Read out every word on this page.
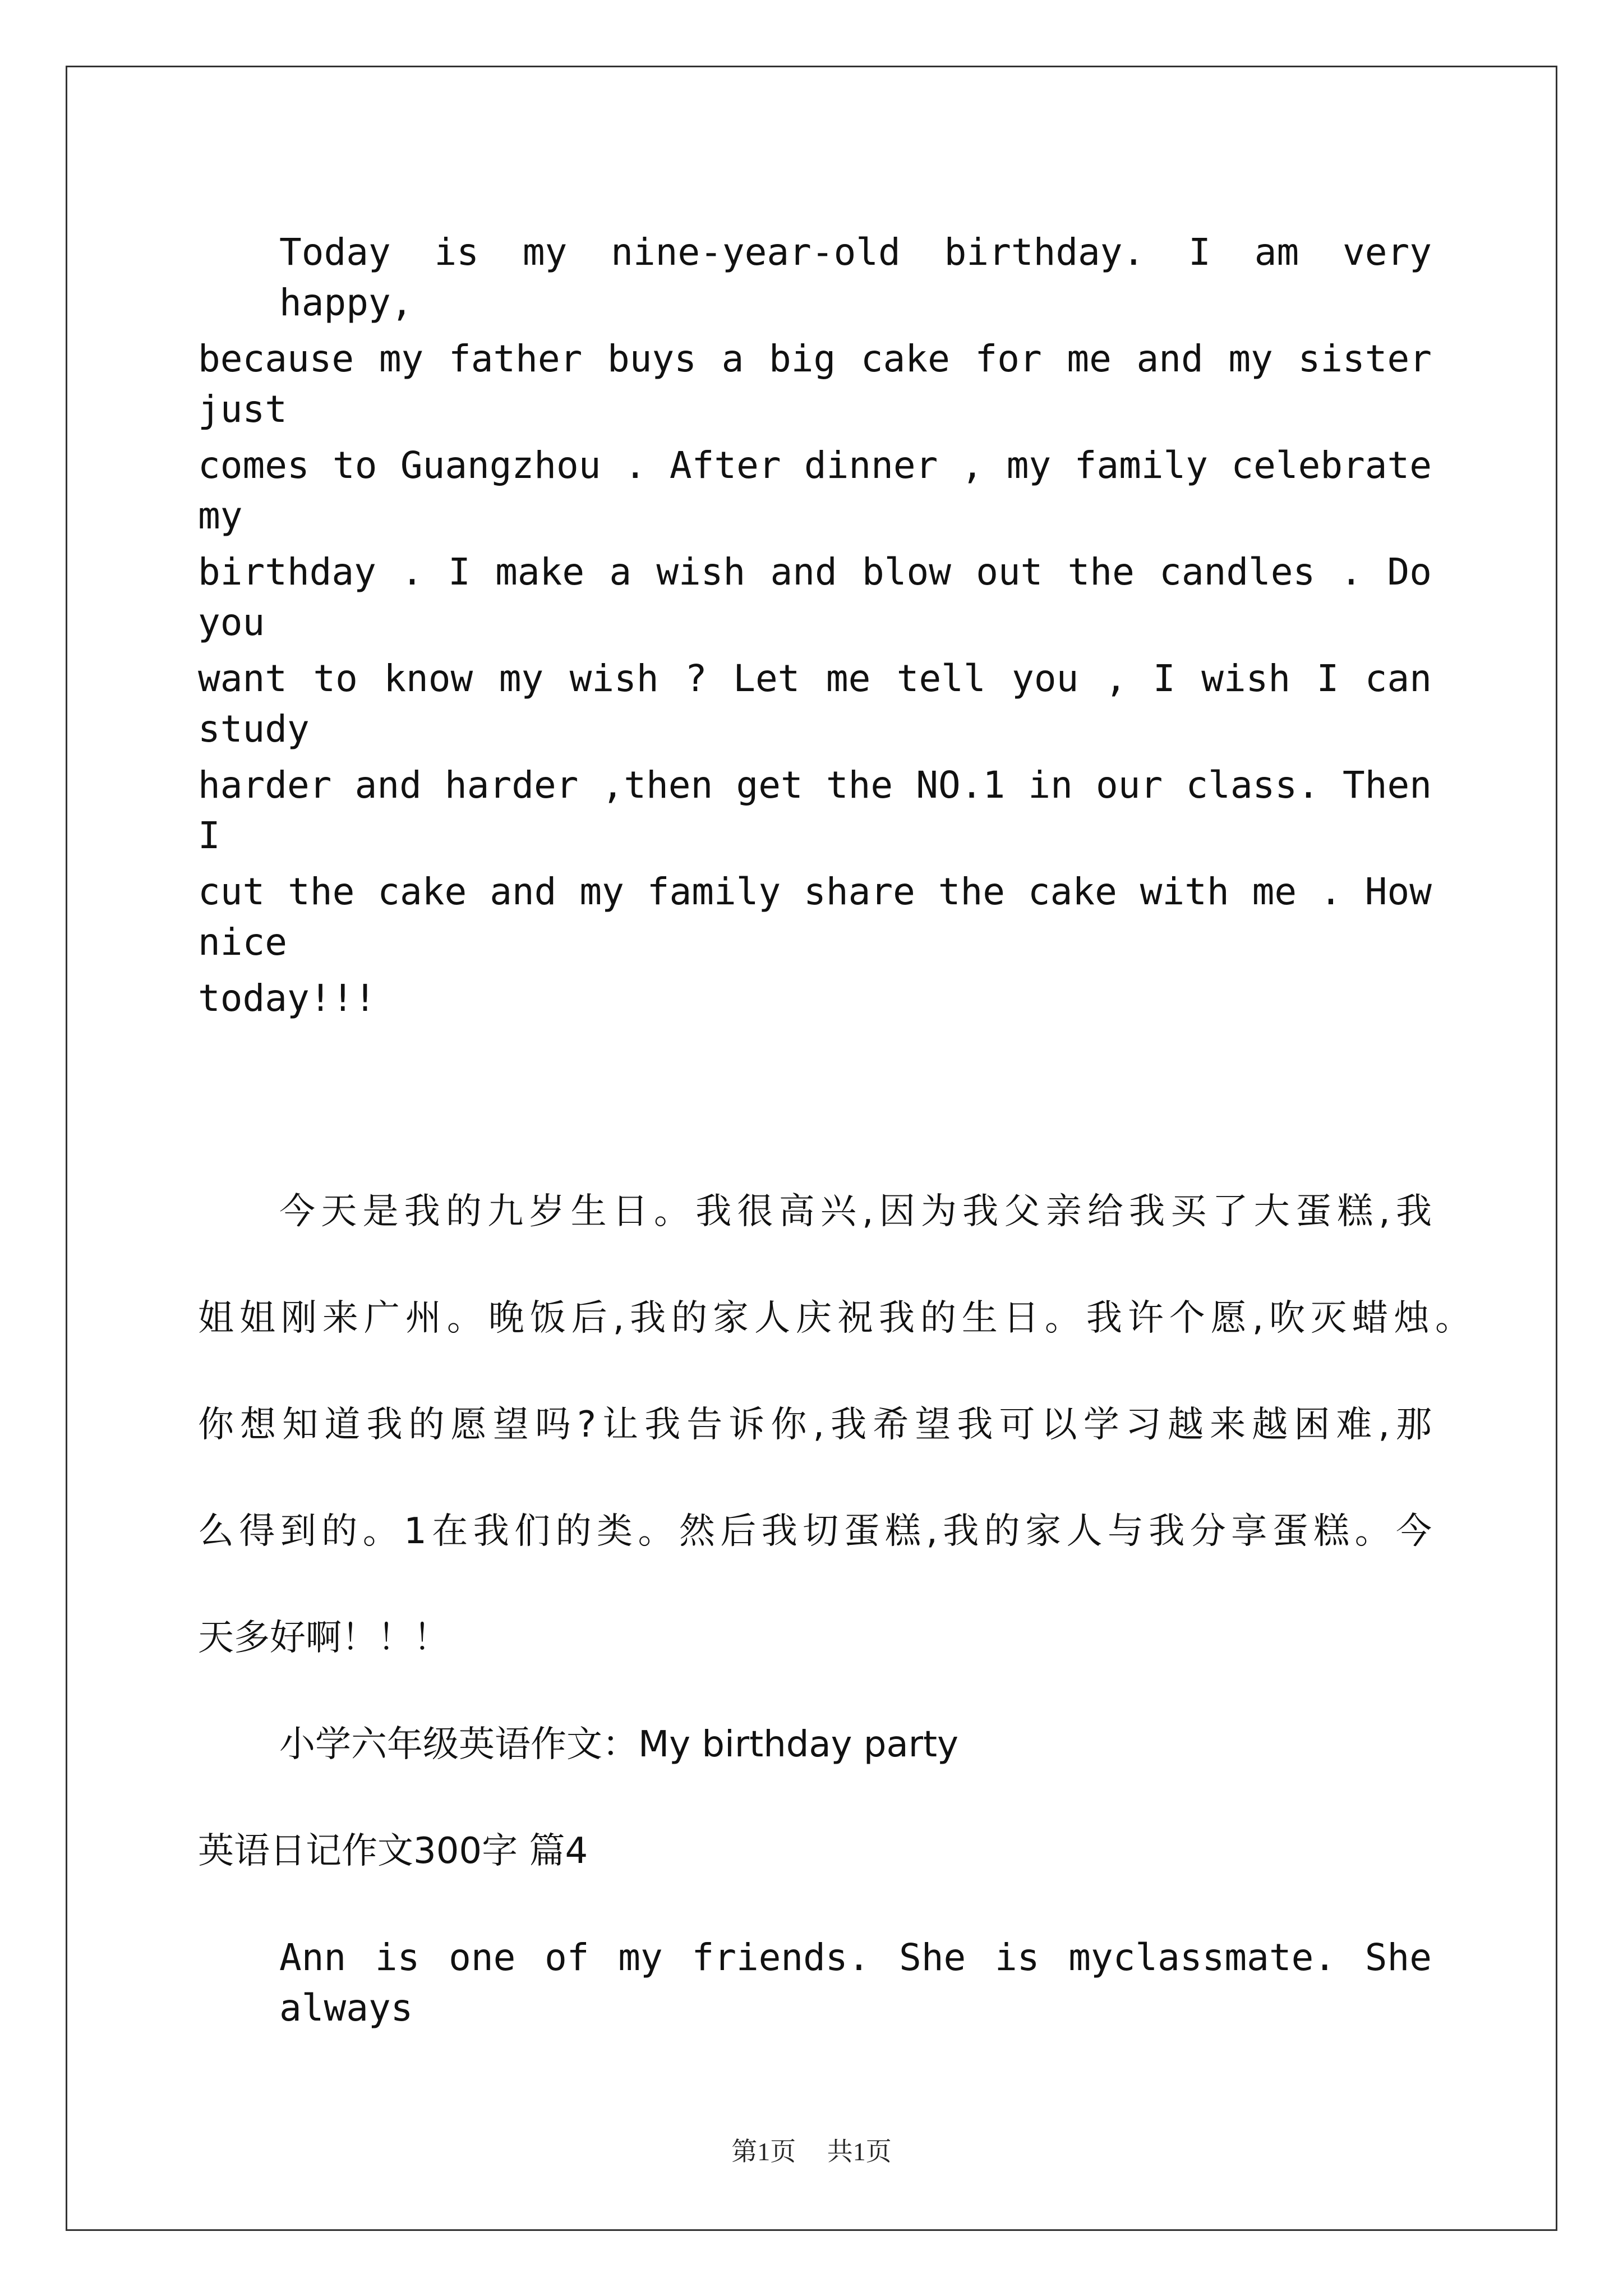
Today is my nine-year-old birthday. I am very happy,
because my father buys a big cake for me and my sister just
comes to Guangzhou . After dinner , my family celebrate my
birthday . I make a wish and blow out the candles . Do you
want to know my wish ? Let me tell you , I wish I can study
harder and harder ,then get the NO.1 in our class. Then I
cut the cake and my family share the cake with me . How nice
today!!!
今天是我的九岁生日。我很高兴,因为我父亲给我买了大蛋糕,我
姐姐刚来广州。晚饭后,我的家人庆祝我的生日。我许个愿,吹灭蜡烛。
你想知道我的愿望吗?让我告诉你,我希望我可以学习越来越困难,那
么得到的。1在我们的类。然后我切蛋糕,我的家人与我分享蛋糕。今
天多好啊！！！
小学六年级英语作文：My birthday party
英语日记作文300字 篇4
Ann is one of my friends. She is myclassmate. She always
第1页 共1页
